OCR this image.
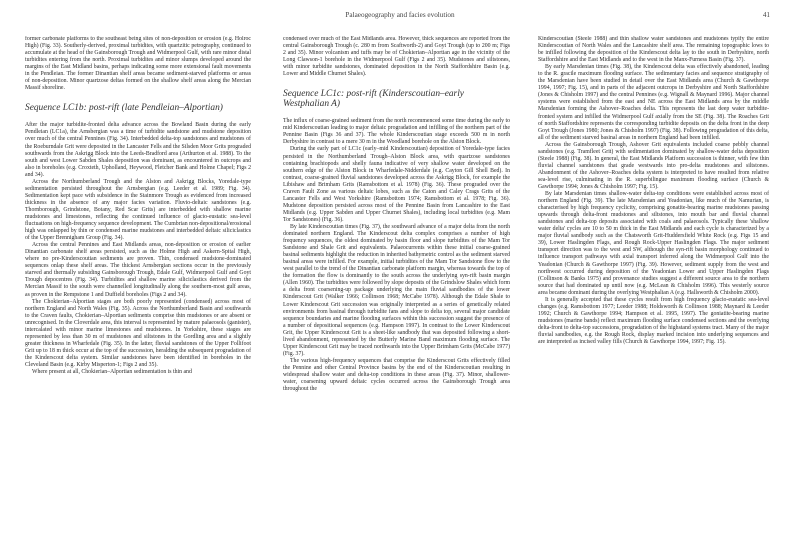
Palaeogeography and facies evolution	41

former carbonate platforms to the southeast being sites of non-deposition or erosion (e.g. Holroc High) (Fig. 33). Southerly-derived, proximal turbidites, with quartzitic petrography, continued to accumulate at the head of the Gainsborough Trough and Widmerpool Gulf, with rare minor distal turbidites entering from the north. Proximal turbidites and minor slumps developed around the margins of the East Midland basins, perhaps indicating some more extensional fault movements in the Pendleian. The former Dinantian shelf areas became sediment-starved platforms or areas of non-deposition. Minor quartzose deltas formed on the shallow shelf areas along the Mercian Massif shoreline.

Sequence LC1b: post-rift (late Pendleian–Alportian)

After the major turbidite-fronted delta advance across the Bowland Basin during the early Pendleian (LC1a), the Arnsbergian was a time of turbidite sandstone and mudstone deposition over much of the central Pennines (Fig. 34). Interbedded delta-top sandstones and mudstones of the Roeburndale Grit were deposited in the Lancaster Fells and the Silsden Moor Grits prograded southwards from the Askrigg Block into the Leeds-Bradford area (Arthurton et al. 1988). To the south and west Lower Sabden Shales deposition was dominant, as encountered in outcrops and also in boreholes (e.g. Croxteth, Upholland, Heywood, Fletcher Bank and Holme Chapel; Figs 2 and 34).

Across the Northumberland Trough and the Alston and Askrigg Blocks, Yoredale-type sedimentation persisted throughout the Arnsbergian (e.g. Leeder et al. 1989; Fig. 34). Sedimentation kept pace with subsidence in the Stainmore Trough as evidenced from increased thickness in the absence of any major facies variation. Fluvio-deltaic sandstones (e.g. Thornborough, Grindstone, Botany, Red Scar Grits) are interbedded with shallow marine mudstones and limestones, reflecting the continued influence of glacio-eustatic sea-level fluctuations on high-frequency sequence development. The Cumbrian non-depositional/erosional high was onlapped by thin or condensed marine mudstones and interbedded deltaic siliciclastics of the Upper Brennigham Group (Fig. 34).

Across the central Pennines and East Midlands areas, non-deposition or erosion of earlier Dinantian carbonate shelf areas persisted, such as the Holme High and Askern-Spital High, where no pre-Kinderscoutian sediments are proven. Thin, condensed mudstone-dominated sequences onlap these shelf areas. The thickest Arnsbergian sections occur in the previously starved and thermally subsiding Gainsborough Trough, Edale Gulf, Widmerpool Gulf and Goyt Trough depocentres (Fig. 34). Turbidites and shallow marine siliciclastics derived from the Mercian Massif to the south were channelled longitudinally along the southern-most gulf areas, as proven in the Rempstone 1 and Duffield boreholes (Figs 2 and 34).

The Chokierian–Alportian stages are both poorly represented (condensed) across most of northern England and North Wales (Fig. 35). Across the Northumberland Basin and southwards to the Craven faults, Chokierian–Alportian sediments comprise thin mudstones or are absent or unrecognised. In the Cloverdale area, this interval is represented by mature palaeosols (ganister), intercalated with minor marine limestones and mudstones. In Yorkshire, these stages are represented by less than 30 m of mudstones and siltstones in the Gordling area and a slightly greater thickness in Wharfedale (Fig. 35). In the latter, fluvial sandstones of the Upper Follifoot Grit up to 18 m thick occur at the top of the succession, heralding the subsequent progradation of the Kinderscout delta system. Similar sandstones have been identified in boreholes in the Cleveland Basin (e.g. Kirby Misperton-1; Figs 2 and 35).

Where present at all, Chokierian–Alportian sedimentation is thin and

condensed over much of the East Midlands area. However, thick sequences are reported from the central Gainsborough Trough (c. 280 m from Scaftworth-2) and Goyt Trough (up to 200 m; Figs 2 and 35). Minor volcanism and tuffs may be of Chokierian–Alportian age in the vicinity of the Long Clawson-1 borehole in the Widmerpool Gulf (Figs 2 and 35). Mudstones and siltstones, with minor turbidite sandstones, dominated deposition in the North Staffordshire Basin (e.g. Lower and Middle Churnet Shales).

Sequence LC1c: post-rift (Kinderscoutian–early Westphalian A)

The influx of coarse-grained sediment from the north recommenced some time during the early to mid Kinderscoutian leading to major deltaic progradation and infilling of the northern part of the Pennine Basin (Figs 36 and 37). The whole Kinderscoutian stage exceeds 500 m in north Derbyshire in contrast to a mere 30 m in the Woodland borehole on the Alston Block.

During the early part of LC1c (early–mid Kinderscoutian) deposition of Yoredale-type facies persisted in the Northumberland Trough–Alston Block area, with quartzose sandstones containing brachiopods and shelly fauna indicative of very shallow water developed on the southern edge of the Alston Block in Wharfedale-Nidderdale (e.g. Cayton Gill Shell Bed). In contrast, coarse-grained fluvial sandstones developed across the Askrigg Block, for example the Libishaw and Brimham Grits (Ramsbottom et al. 1978) (Fig. 36). These prograded over the Craven Fault Zone as various deltaic lobes, such as the Caton and Caley Crags Grits of the Lancaster Fells and West Yorkshire (Ramsbottom 1974; Ramsbottom et al. 1978; Fig. 36). Mudstone deposition persisted across most of the Pennine Basin from Lancashire to the East Midlands (e.g. Upper Sabden and Upper Churnet Shales), including local turbidites (e.g. Mam Tor Sandstones) (Fig. 36).

By late Kinderscoutian times (Fig. 37), the southward advance of a major delta from the north dominated northern England. The Kinderscout delta complex comprises a number of high frequency sequences, the oldest dominated by basin floor and slope turbidites of the Mam Tor Sandstone and Shale Grit and equivalents. Palaeocurrents within these initial coarse-grained basinal sediments highlight the reduction in inherited bathymetric control as the sediment starved basinal areas were infilled. For example, initial turbidites of the Mam Tor Sandstone flow to the west parallel to the trend of the Dinantian carbonate platform margin, whereas towards the top of the formation the flow is dominantly to the south across the underlying syn-rift basin margin (Allen 1960). The turbidites were followed by slope deposits of the Grindslow Shales which form a delta front coarsening-up package underlying the main fluvial sandbodies of the lower Kinderscout Grit (Walker 1966; Collinson 1968; McCabe 1978). Although the Edale Shale to Lower Kinderscout Grit succession was originally interpreted as a series of genetically related environments from basinal through turbidite fans and slope to delta top, several major candidate sequence boundaries and marine flooding surfaces within this succession suggest the presence of a number of depositional sequences (e.g. Hampson 1997). In contrast to the Lower Kinderscout Grit, the Upper Kinderscout Grit is a sheet-like sandbody that was deposited following a short-lived abandonment, represented by the Butterly Marine Band maximum flooding surface. The Upper Kinderscout Grit may be traced northwards into the Upper Brimham Grits (McCabe 1977) (Fig. 37).

The various high-frequency sequences that comprise the Kinderscout Grits effectively filled the Pennine and other Central Province basins by the end of the Kinderscoutian resulting in widespread shallow water and delta-top conditions in these areas (Fig. 37). Minor, shallower-water, coarsening upward deltaic cycles occurred across the Gainsborough Trough area throughout the

Kinderscoutian (Steele 1988) and thin shallow water sandstones and mudstones typify the entire Kinderscoutian of North Wales and the Lancashire shelf area. The remaining topographic lows to be infilled following the deposition of the Kinderscout delta lay to the south in Derbyshire, north Staffordshire and the East Midlands and to the west in the Manx-Furness Basin (Fig. 37).

By early Marsdenian times (Fig. 38), the Kinderscout delta was effectively abandoned, leading to the R. gracile maximum flooding surface. The sedimentary facies and sequence stratigraphy of the Marsdenian have been studied in detail over the East Midlands area (Church & Gawthorpe 1994, 1997; Fig. 15), and in parts of the adjacent outcrops in Derbyshire and North Staffordshire (Jones & Chisholm 1997) and the central Pennines (e.g. Wignall & Maynard 1996). Major channel systems were established from the east and NE across the East Midlands area by the middle Marsdenian forming the Ashover–Roaches delta. This represents the last deep water turbidite-fronted system and infilled the Widmerpool Gulf axially from the SE (Fig. 38). The Roaches Grit of north Staffordshire represents the corresponding turbidite deposits on the delta front in the deep Goyt Trough (Jones 1980; Jones & Chisholm 1997) (Fig. 38). Following progradation of this delta, all of the sediment starved basinal areas in northern England had been infilled.

Across the Gainsborough Trough, Ashover Grit equivalents included coarse pebbly channel sandstones (e.g. Tramfleet Grit) with sedimentation dominated by shallow-water delta deposition (Steele 1988) (Fig. 38). In general, the East Midlands Platform succession is thinner, with few thin fluvial channel sandstones that grade westwards into pro-delta mudstones and siltstones. Abandonment of the Ashover–Roaches delta system is interpreted to have resulted from relative sea-level rise, culminating in the R. superbilingue maximum flooding surface (Church & Gawthorpe 1994; Jones & Chisholm 1997; Fig. 15).

By late Marsdenian times shallow-water delta-top conditions were established across most of northern England (Fig. 39). The late Marsdenian and Yeadonian, like much of the Namurian, is characterised by high frequency cyclicity, comprising gonatite-bearing marine mudstones passing upwards through delta-front mudstones and siltstones, into mouth bar and fluvial channel sandstones and delta-top deposits associated with coals and palaeosols. Typically these 'shallow water delta' cycles are 10 to 50 m thick in the East Midlands and each cycle is characterized by a major fluvial sandbody such as the Chatsworth Grit-Huddersfield White Rock (e.g. Figs 15 and 39), Lower Haslingden Flags, and Rough Rock-Upper Haslingden Flags. The major sediment transport direction was to the west and SW, although the syn-rift basin morphology continued to influence transport pathways with axial transport inferred along the Widmerpool Gulf into the Yeadonian (Church & Gawthorpe 1997) (Fig. 39). However, sediment supply from the west and northwest occurred during deposition of the Yeadonian Lower and Upper Haslingden Flags (Collinson & Banks 1975) and provenance studies suggest a different source area to the northern source that had dominated up until now (e.g. McLean & Chisholm 1996). This westerly source area became dominant during the overlying Westphalian A (e.g. Hallsworth & Chisholm 2000).

It is generally accepted that these cycles result from high frequency glacio-eustatic sea-level changes (e.g. Ramsbottom 1977; Leeder 1988; Holdsworth & Collinson 1988; Maynard & Leeder 1992; Church & Gawthorpe 1994; Hampson et al. 1995, 1997). The goniatite-bearing marine mudstones (marine bands) reflect maximum flooding surface condensed sections and the overlying delta-front to delta-top successions, progradation of the highstand systems tract. Many of the major fluvial sandbodies, e.g. the Rough Rock, display marked incision into underlying sequences and are interpreted as incised valley fills (Church & Gawthorpe 1994, 1997; Fig. 15).
